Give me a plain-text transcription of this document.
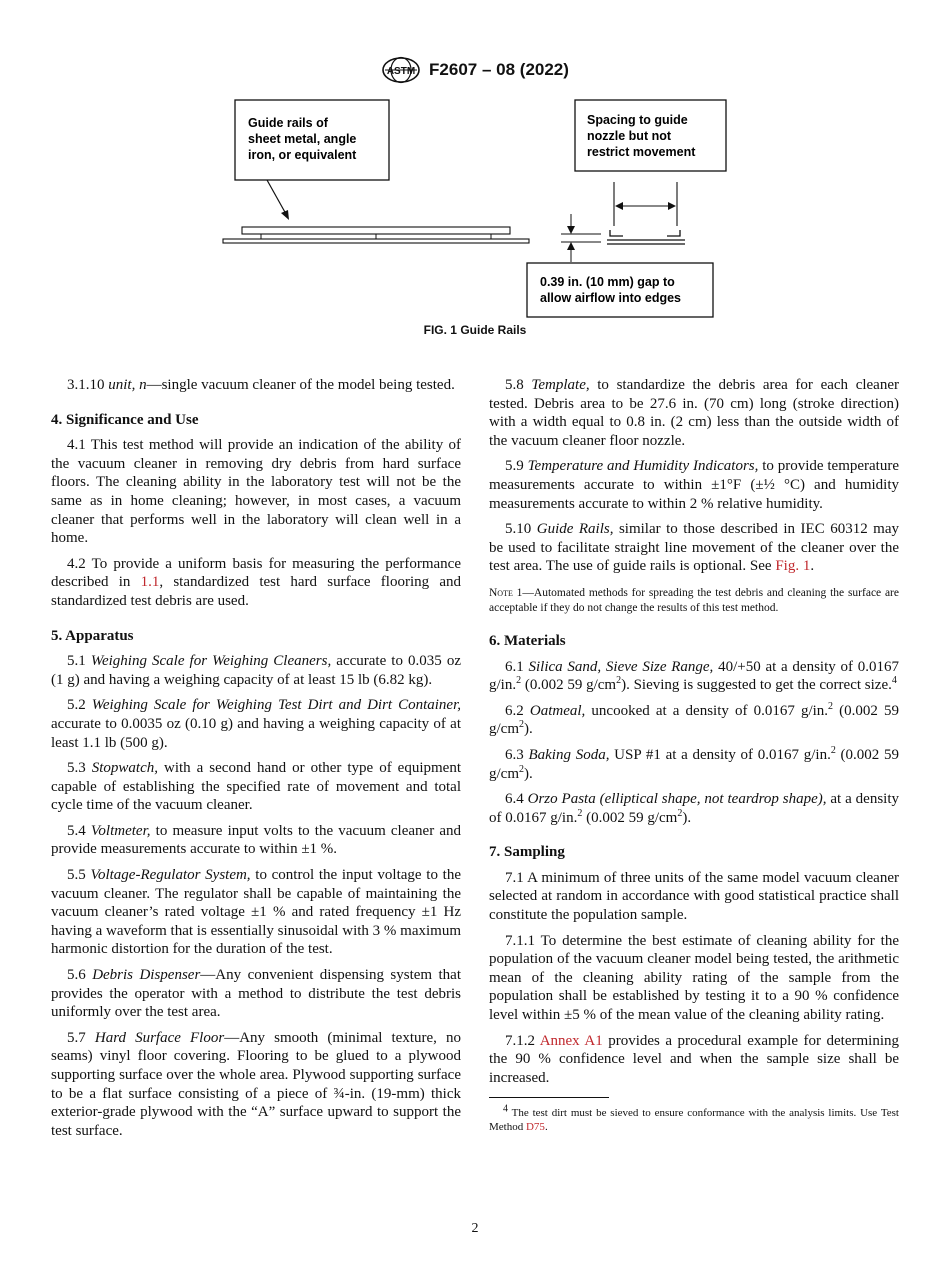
ASTM F2607 – 08 (2022)
Guide rails of
sheet metal, angle
iron, or equivalent
Spacing to guide
nozzle but not
restrict movement
0.39 in. (10 mm) gap to
allow airflow into edges
FIG. 1 Guide Rails

3.1.10 unit, n—single vacuum cleaner of the model being tested.

4. Significance and Use

4.1 This test method will provide an indication of the ability of the vacuum cleaner in removing dry debris from hard surface floors. The cleaning ability in the laboratory test will not be the same as in home cleaning; however, in most cases, a vacuum cleaner that performs well in the laboratory will clean well in a home.

4.2 To provide a uniform basis for measuring the performance described in 1.1, standardized test hard surface flooring and standardized test debris are used.

5. Apparatus

5.1 Weighing Scale for Weighing Cleaners, accurate to 0.035 oz (1 g) and having a weighing capacity of at least 15 lb (6.82 kg).

5.2 Weighing Scale for Weighing Test Dirt and Dirt Container, accurate to 0.0035 oz (0.10 g) and having a weighing capacity of at least 1.1 lb (500 g).

5.3 Stopwatch, with a second hand or other type of equipment capable of establishing the specified rate of movement and total cycle time of the vacuum cleaner.

5.4 Voltmeter, to measure input volts to the vacuum cleaner and provide measurements accurate to within ±1 %.

5.5 Voltage-Regulator System, to control the input voltage to the vacuum cleaner. The regulator shall be capable of maintaining the vacuum cleaner’s rated voltage ±1 % and rated frequency ±1 Hz having a waveform that is essentially sinusoidal with 3 % maximum harmonic distortion for the duration of the test.

5.6 Debris Dispenser—Any convenient dispensing system that provides the operator with a method to distribute the test debris uniformly over the test area.

5.7 Hard Surface Floor—Any smooth (minimal texture, no seams) vinyl floor covering. Flooring to be glued to a plywood supporting surface over the whole area. Plywood supporting surface to be a flat surface consisting of a piece of ¾-in. (19-mm) thick exterior-grade plywood with the “A” surface upward to support the test surface.

5.8 Template, to standardize the debris area for each cleaner tested. Debris area to be 27.6 in. (70 cm) long (stroke direction) with a width equal to 0.8 in. (2 cm) less than the outside width of the vacuum cleaner floor nozzle.

5.9 Temperature and Humidity Indicators, to provide temperature measurements accurate to within ±1°F (±½ °C) and humidity measurements accurate to within 2 % relative humidity.

5.10 Guide Rails, similar to those described in IEC 60312 may be used to facilitate straight line movement of the cleaner over the test area. The use of guide rails is optional. See Fig. 1.

Note 1—Automated methods for spreading the test debris and cleaning the surface are acceptable if they do not change the results of this test method.

6. Materials

6.1 Silica Sand, Sieve Size Range, 40/+50 at a density of 0.0167 g/in.$^2$ (0.002 59 $g/cm^2$). Sieving is suggested to get the correct size.$^4$

6.2 Oatmeal, uncooked at a density of 0.0167 g/in.$^2$ (0.002 59 $g/cm^2$).

6.3 Baking Soda, USP #1 at a density of 0.0167 g/in.$^2$ (0.002 59 $g/cm^2$).

6.4 Orzo Pasta (elliptical shape, not teardrop shape), at a density of 0.0167 g/in.$^2$ (0.002 59 $g/cm^2$).

7. Sampling

7.1 A minimum of three units of the same model vacuum cleaner selected at random in accordance with good statistical practice shall constitute the population sample.

7.1.1 To determine the best estimate of cleaning ability for the population of the vacuum cleaner model being tested, the arithmetic mean of the cleaning ability rating of the sample from the population shall be established by testing it to a 90 % confidence level within ±5 % of the mean value of the cleaning ability rating.

7.1.2 Annex A1 provides a procedural example for determining the 90 % confidence level and when the sample size shall be increased.

$^4$ The test dirt must be sieved to ensure conformance with the analysis limits. Use Test Method D75.

2
